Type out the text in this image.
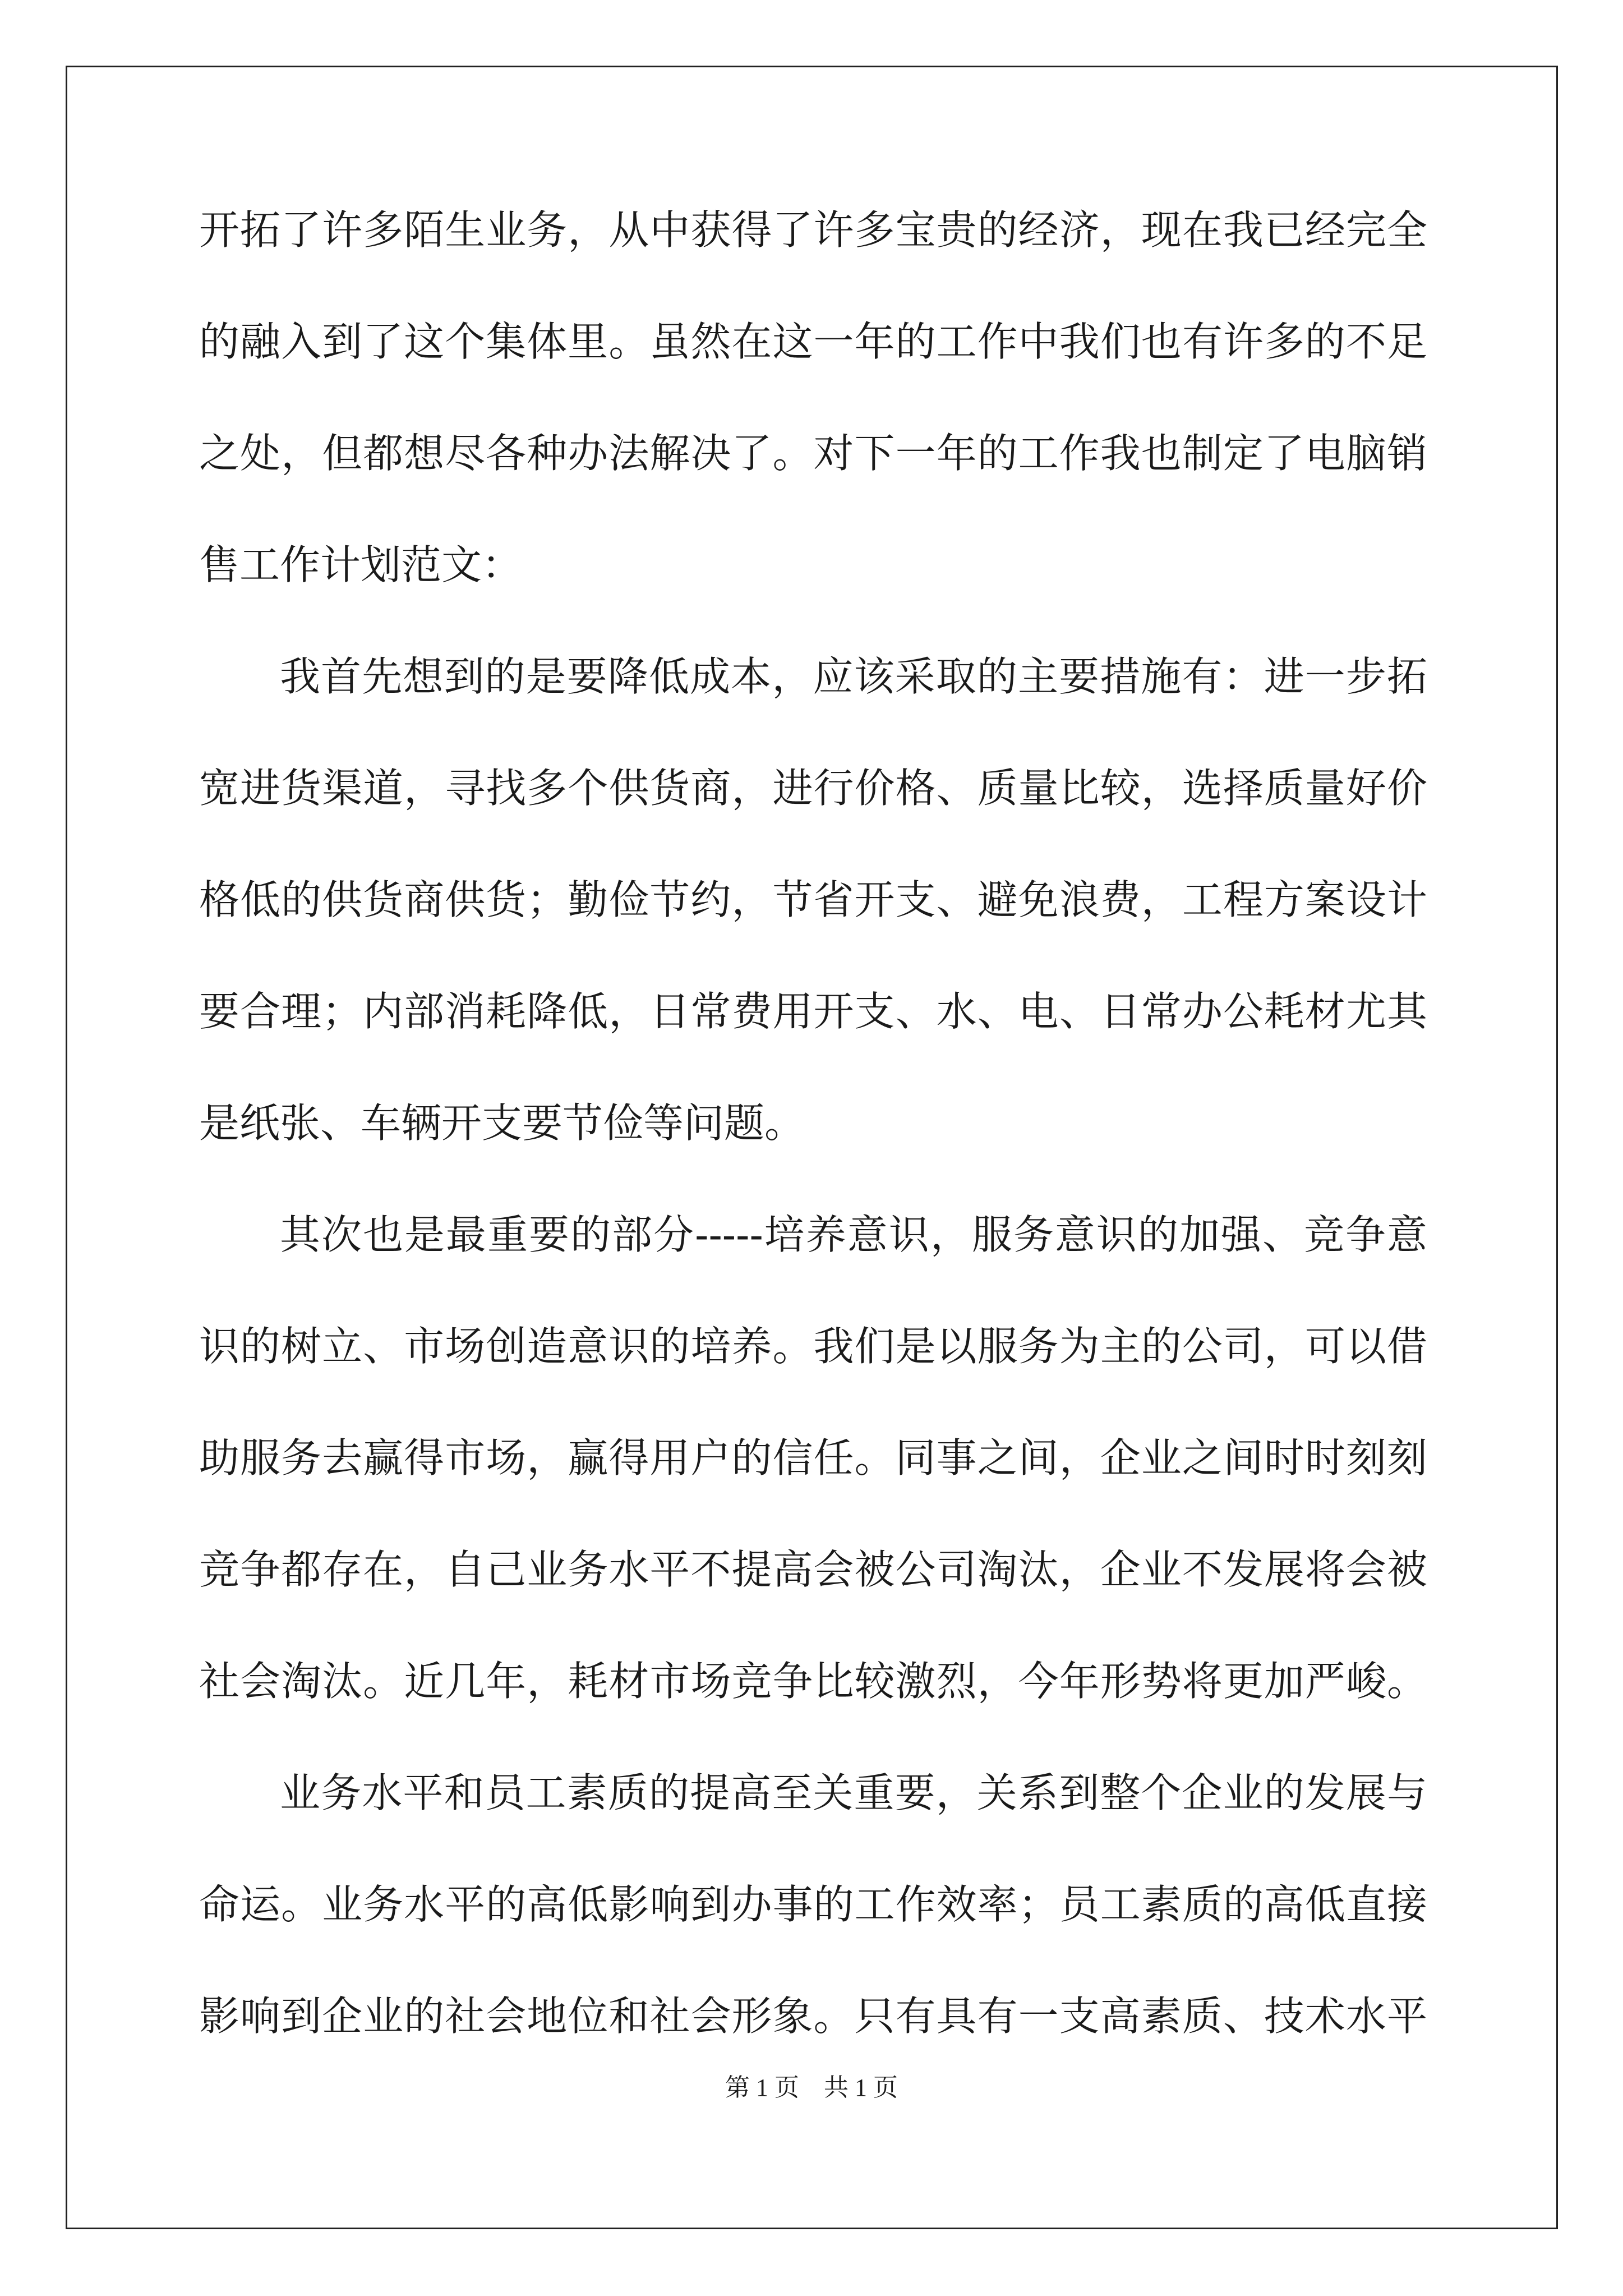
开拓了许多陌生业务，从中获得了许多宝贵的经济，现在我已经完全
的融入到了这个集体里。虽然在这一年的工作中我们也有许多的不足
之处，但都想尽各种办法解决了。对下一年的工作我也制定了电脑销
售工作计划范文：
我首先想到的是要降低成本，应该采取的主要措施有：进一步拓
宽进货渠道，寻找多个供货商，进行价格、质量比较，选择质量好价
格低的供货商供货；勤俭节约，节省开支、避免浪费，工程方案设计
要合理；内部消耗降低，日常费用开支、水、电、日常办公耗材尤其
是纸张、车辆开支要节俭等问题。
其次也是最重要的部分-----培养意识，服务意识的加强、竞争意
识的树立、市场创造意识的培养。我们是以服务为主的公司，可以借
助服务去赢得市场，赢得用户的信任。同事之间，企业之间时时刻刻
竞争都存在，自己业务水平不提高会被公司淘汰，企业不发展将会被
社会淘汰。近几年，耗材市场竞争比较激烈，今年形势将更加严峻。
业务水平和员工素质的提高至关重要，关系到整个企业的发展与
命运。业务水平的高低影响到办事的工作效率；员工素质的高低直接
影响到企业的社会地位和社会形象。只有具有一支高素质、技术水平
第 1 页　共 1 页
